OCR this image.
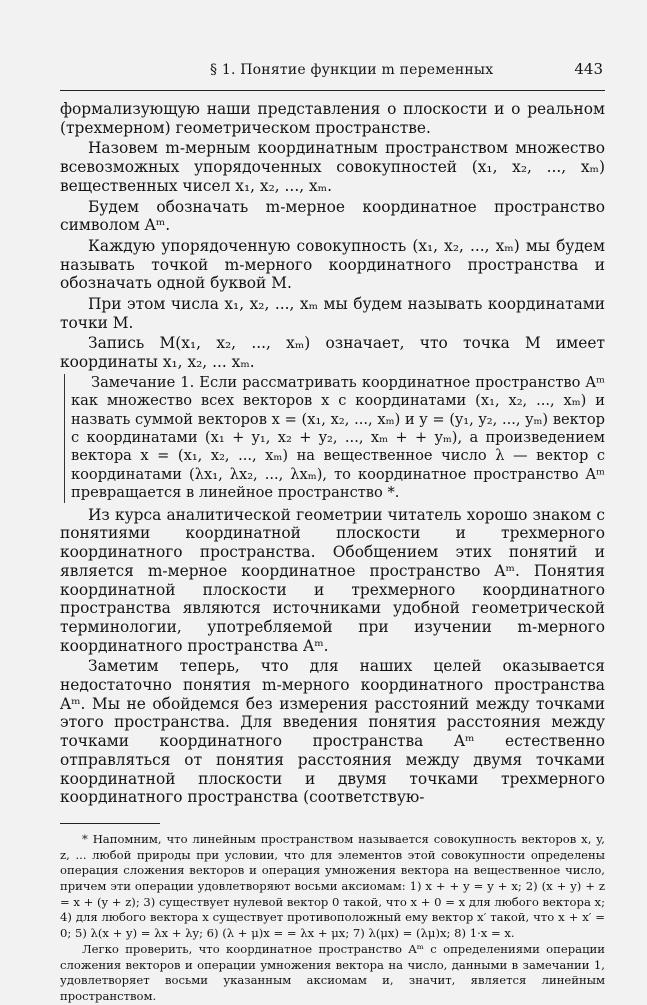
§ 1. Понятие функции m переменных	443

формализующую наши представления о плоскости и о реальном (трехмерном) геометрическом пространстве.

Назовем m-мерным координатным пространством множество всевозможных упорядоченных совокупностей (x₁, x₂, ..., xₘ) вещественных чисел x₁, x₂, ..., xₘ.

Будем обозначать m-мерное координатное пространство символом Aᵐ.

Каждую упорядоченную совокупность (x₁, x₂, ..., xₘ) мы будем называть точкой m-мерного координатного пространства и обозначать одной буквой M.

При этом числа x₁, x₂, ..., xₘ мы будем называть координатами точки M.

Запись M(x₁, x₂, ..., xₘ) означает, что точка M имеет координаты x₁, x₂, ... xₘ.

Замечание 1. Если рассматривать координатное пространство Aᵐ как множество всех векторов x с координатами (x₁, x₂, ..., xₘ) и назвать суммой векторов x = (x₁, x₂, ..., xₘ) и y = (y₁, y₂, ..., yₘ) вектор с координатами (x₁ + y₁, x₂ + y₂, ..., xₘ + + yₘ), а произведением вектора x = (x₁, x₂, ..., xₘ) на вещественное число λ — вектор с координатами (λx₁, λx₂, ..., λxₘ), то координатное пространство Aᵐ превращается в линейное пространство *.

Из курса аналитической геометрии читатель хорошо знаком с понятиями координатной плоскости и трехмерного координатного пространства. Обобщением этих понятий и является m-мерное координатное пространство Aᵐ. Понятия координатной плоскости и трехмерного координатного пространства являются источниками удобной геометрической терминологии, употребляемой при изучении m-мерного координатного пространства Aᵐ.

Заметим теперь, что для наших целей оказывается недостаточно понятия m-мерного координатного пространства Aᵐ. Мы не обойдемся без измерения расстояний между точками этого пространства. Для введения понятия расстояния между точками координатного пространства Aᵐ естественно отправляться от понятия расстояния между двумя точками координатной плоскости и двумя точками трехмерного координатного пространства (соответствую-

* Напомним, что линейным пространством называется совокупность векторов x, y, z, ... любой природы при условии, что для элементов этой совокупности определены операция сложения векторов и операция умножения вектора на вещественное число, причем эти операции удовлетворяют восьми аксиомам: 1) x + + y = y + x; 2) (x + y) + z = x + (y + z); 3) существует нулевой вектор 0 такой, что x + 0 = x для любого вектора x; 4) для любого вектора x существует противоположный ему вектор x′ такой, что x + x′ = 0; 5) λ(x + y) = λx + λy; 6) (λ + μ)x = = λx + μx; 7) λ(μx) = (λμ)x; 8) 1·x = x.

Легко проверить, что координатное пространство Aᵐ с определениями операции сложения векторов и операции умножения вектора на число, данными в замечании 1, удовлетворяет восьми указанным аксиомам и, значит, является линейным пространством.
